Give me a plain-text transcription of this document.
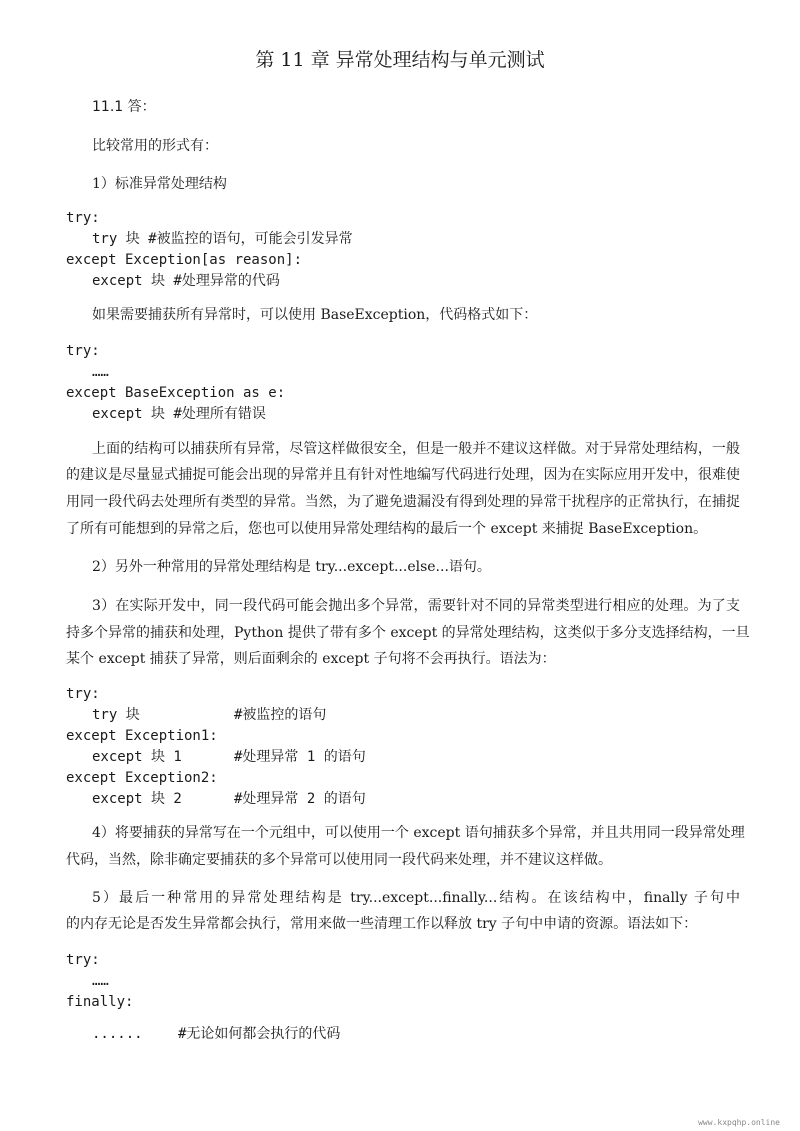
第 11 章 异常处理结构与单元测试
11.1 答：
比较常用的形式有：
1）标准异常处理结构
try:
try 块 #被监控的语句，可能会引发异常
except Exception[as reason]:
except 块 #处理异常的代码
如果需要捕获所有异常时，可以使用 BaseException，代码格式如下：
try:
……
except BaseException as e:
except 块 #处理所有错误
上面的结构可以捕获所有异常，尽管这样做很安全，但是一般并不建议这样做。对于异常处理结构，一般
的建议是尽量显式捕捉可能会出现的异常并且有针对性地编写代码进行处理，因为在实际应用开发中，很难使
用同一段代码去处理所有类型的异常。当然，为了避免遗漏没有得到处理的异常干扰程序的正常执行，在捕捉
了所有可能想到的异常之后，您也可以使用异常处理结构的最后一个 except 来捕捉 BaseException。
2）另外一种常用的异常处理结构是 try...except...else...语句。
3）在实际开发中，同一段代码可能会抛出多个异常，需要针对不同的异常类型进行相应的处理。为了支
持多个异常的捕获和处理，Python 提供了带有多个 except 的异常处理结构，这类似于多分支选择结构，一旦
某个 except 捕获了异常，则后面剩余的 except 子句将不会再执行。语法为：
try:
try 块	#被监控的语句
except Exception1:
except 块 1	#处理异常 1 的语句
except Exception2:
except 块 2	#处理异常 2 的语句
4）将要捕获的异常写在一个元组中，可以使用一个 except 语句捕获多个异常，并且共用同一段异常处理
代码，当然，除非确定要捕获的多个异常可以使用同一段代码来处理，并不建议这样做。
5）最后一种常用的异常处理结构是 try...except...finally...结构。在该结构中，finally 子句中
的内存无论是否发生异常都会执行，常用来做一些清理工作以释放 try 子句中申请的资源。语法如下：
try:
……
finally:
......	#无论如何都会执行的代码
www.kxpqhp.online
